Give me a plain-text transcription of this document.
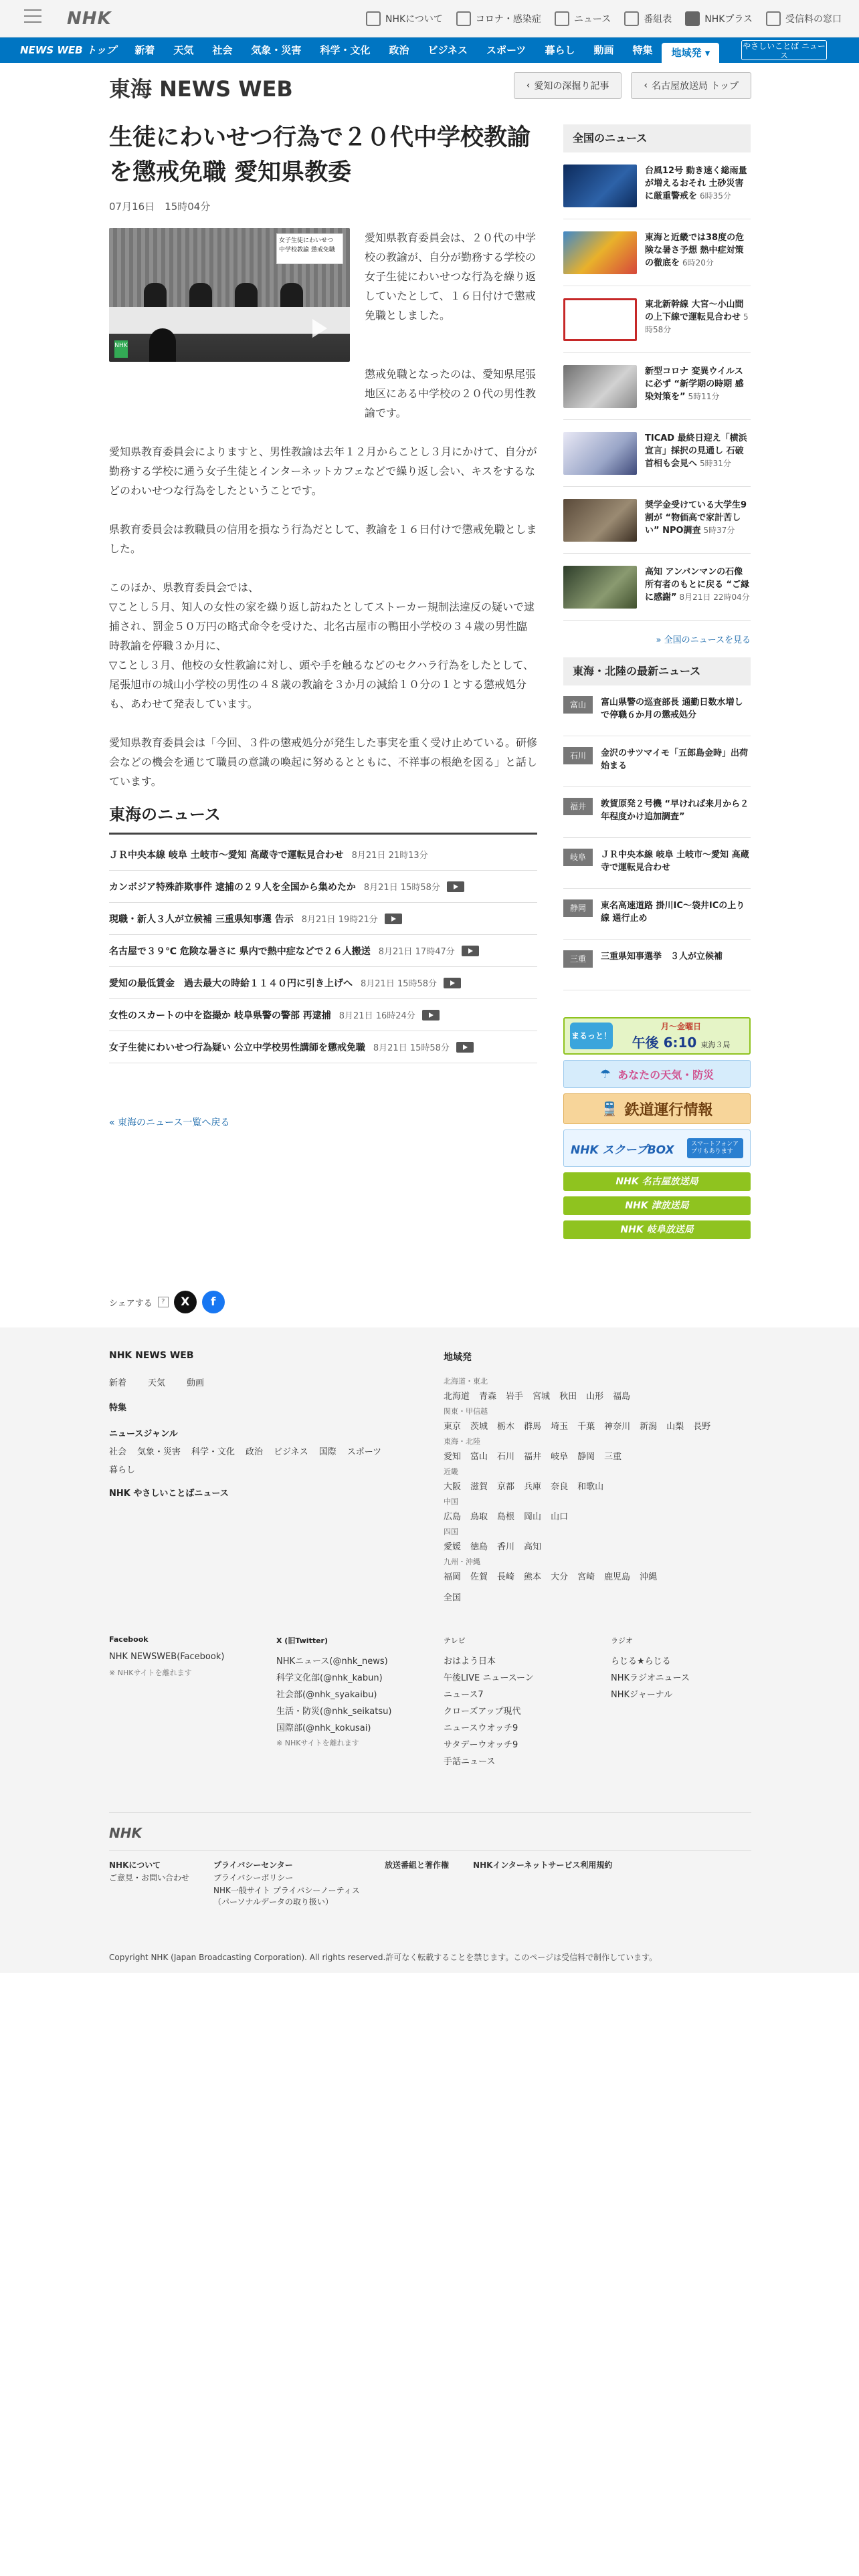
NHK	NHKについて	コロナ・感染症	ニュース	番組表	NHKプラス	受信料の窓口
NEWS WEB トップ	新着	天気	社会	気象・災害	科学・文化	政治	ビジネス	スポーツ	暮らし	動画	特集	地域発 ▾
やさしいことば ニュース
東海 NEWS WEB	‹ 愛知の深掘り記事	‹ 名古屋放送局 トップ
生徒にわいせつ行為で２０代中学校教諭を懲戒免職 愛知県教委
07月16日　15時04分
女子生徒にわいせつ 中学校教諭 懲戒免職
NHK

愛知県教育委員会は、２０代の中学校の教諭が、自分が勤務する学校の女子生徒にわいせつな行為を繰り返していたとして、１６日付けで懲戒免職としました。

懲戒免職となったのは、愛知県尾張地区にある中学校の２０代の男性教諭です。

愛知県教育委員会によりますと、男性教諭は去年１２月からことし３月にかけて、自分が勤務する学校に通う女子生徒とインターネットカフェなどで繰り返し会い、キスをするなどのわいせつな行為をしたということです。

県教育委員会は教職員の信用を損なう行為だとして、教諭を１６日付けで懲戒免職としました。

このほか、県教育委員会では、
▽ことし５月、知人の女性の家を繰り返し訪ねたとしてストーカー規制法違反の疑いで逮捕され、罰金５０万円の略式命令を受けた、北名古屋市の鴨田小学校の３４歳の男性臨時教諭を停職３か月に、
▽ことし３月、他校の女性教諭に対し、頭や手を触るなどのセクハラ行為をしたとして、尾張旭市の城山小学校の男性の４８歳の教諭を３か月の減給１０分の１とする懲戒処分も、あわせて発表しています。

愛知県教育委員会は「今回、３件の懲戒処分が発生した事実を重く受け止めている。研修会などの機会を通じて職員の意識の喚起に努めるとともに、不祥事の根絶を図る」と話しています。

東海のニュース
ＪＲ中央本線 岐阜 土岐市〜愛知 高蔵寺で運転見合わせ 8月21日 21時13分
カンボジア特殊詐欺事件 逮捕の２９人を全国から集めたか 8月21日 15時58分
現職・新人３人が立候補 三重県知事選 告示 8月21日 19時21分
名古屋で３９℃ 危険な暑さに 県内で熱中症などで２６人搬送 8月21日 17時47分
愛知の最低賃金　過去最大の時給１１４０円に引き上げへ 8月21日 15時58分
女性のスカートの中を盗撮か 岐阜県警の警部 再逮捕 8月21日 16時24分
女子生徒にわいせつ行為疑い 公立中学校男性講師を懲戒免職 8月21日 15時58分
« 東海のニュース一覧へ戻る
全国のニュース
台風12号 動き速く総雨量が増えるおそれ 土砂災害に厳重警戒を 6時35分
東海と近畿では38度の危険な暑さ予想 熱中症対策の徹底を 6時20分
東北新幹線 大宮〜小山間の上下線で運転見合わせ 5時58分
新型コロナ 変異ウイルスに必ず “新学期の時期 感染対策を” 5時11分
TICAD 最終日迎え「横浜宣言」採択の見通し 石破首相も会見へ 5時31分
奨学金受けている大学生9割が “物価高で家計苦しい” NPO調査 5時37分
高知 アンパンマンの石像 所有者のもとに戻る “ご縁に感謝” 8月21日 22時04分
» 全国のニュースを見る
東海・北陸の最新ニュース
富山	富山県警の巡査部長 通勤日数水増しで停職６か月の懲戒処分
石川	金沢のサツマイモ「五郎島金時」出荷始まる
福井	敦賀原発２号機 “早ければ来月から２年程度かけ追加調査”
岐阜	ＪＲ中央本線 岐阜 土岐市〜愛知 高蔵寺で運転見合わせ
静岡	東名高速道路 掛川IC〜袋井ICの上り線 通行止め
三重	三重県知事選挙　３人が立候補
まるっと！
月〜金曜日
午後 6:10 東海３局
☂ あなたの天気・防災
🚆 鉄道運行情報
NHK スクープBOX	スマートフォンアプリもあります
NHK 名古屋放送局
NHK 津放送局
NHK 岐阜放送局
シェアする	?	X	f
NHK NEWS WEB
新着 天気 動画
特集
ニュースジャンル
社会 気象・災害 科学・文化 政治 ビジネス 国際 スポーツ
暮らし
NHK やさしいことばニュース
地域発
北海道・東北
北海道 青森 岩手 宮城 秋田 山形 福島
関東・甲信越
東京 茨城 栃木 群馬 埼玉 千葉 神奈川 新潟 山梨 長野
東海・北陸
愛知 富山 石川 福井 岐阜 静岡 三重
近畿
大阪 滋賀 京都 兵庫 奈良 和歌山
中国
広島 鳥取 島根 岡山 山口
四国
愛媛 徳島 香川 高知
九州・沖縄
福岡 佐賀 長崎 熊本 大分 宮崎 鹿児島 沖縄
全国
Facebook
NHK NEWSWEB(Facebook)
※ NHKサイトを離れます
X (旧Twitter)
NHKニュース(@nhk_news)
科学文化部(@nhk_kabun)
社会部(@nhk_syakaibu)
生活・防災(@nhk_seikatsu)
国際部(@nhk_kokusai)
※ NHKサイトを離れます
テレビ
おはよう日本
午後LIVE ニュースーン
ニュース7
クローズアップ現代
ニュースウオッチ9
サタデーウオッチ9
手話ニュース
ラジオ
らじる★らじる
NHKラジオニュース
NHKジャーナル
NHK
NHKについて
ご意見・お問い合わせ
プライバシーセンター
プライバシーポリシー
NHK一般サイト プライバシーノーティス（パーソナルデータの取り扱い）
放送番組と著作権	NHKインターネットサービス利用規約
Copyright NHK (Japan Broadcasting Corporation). All rights reserved.許可なく転載することを禁じます。このページは受信料で制作しています。
